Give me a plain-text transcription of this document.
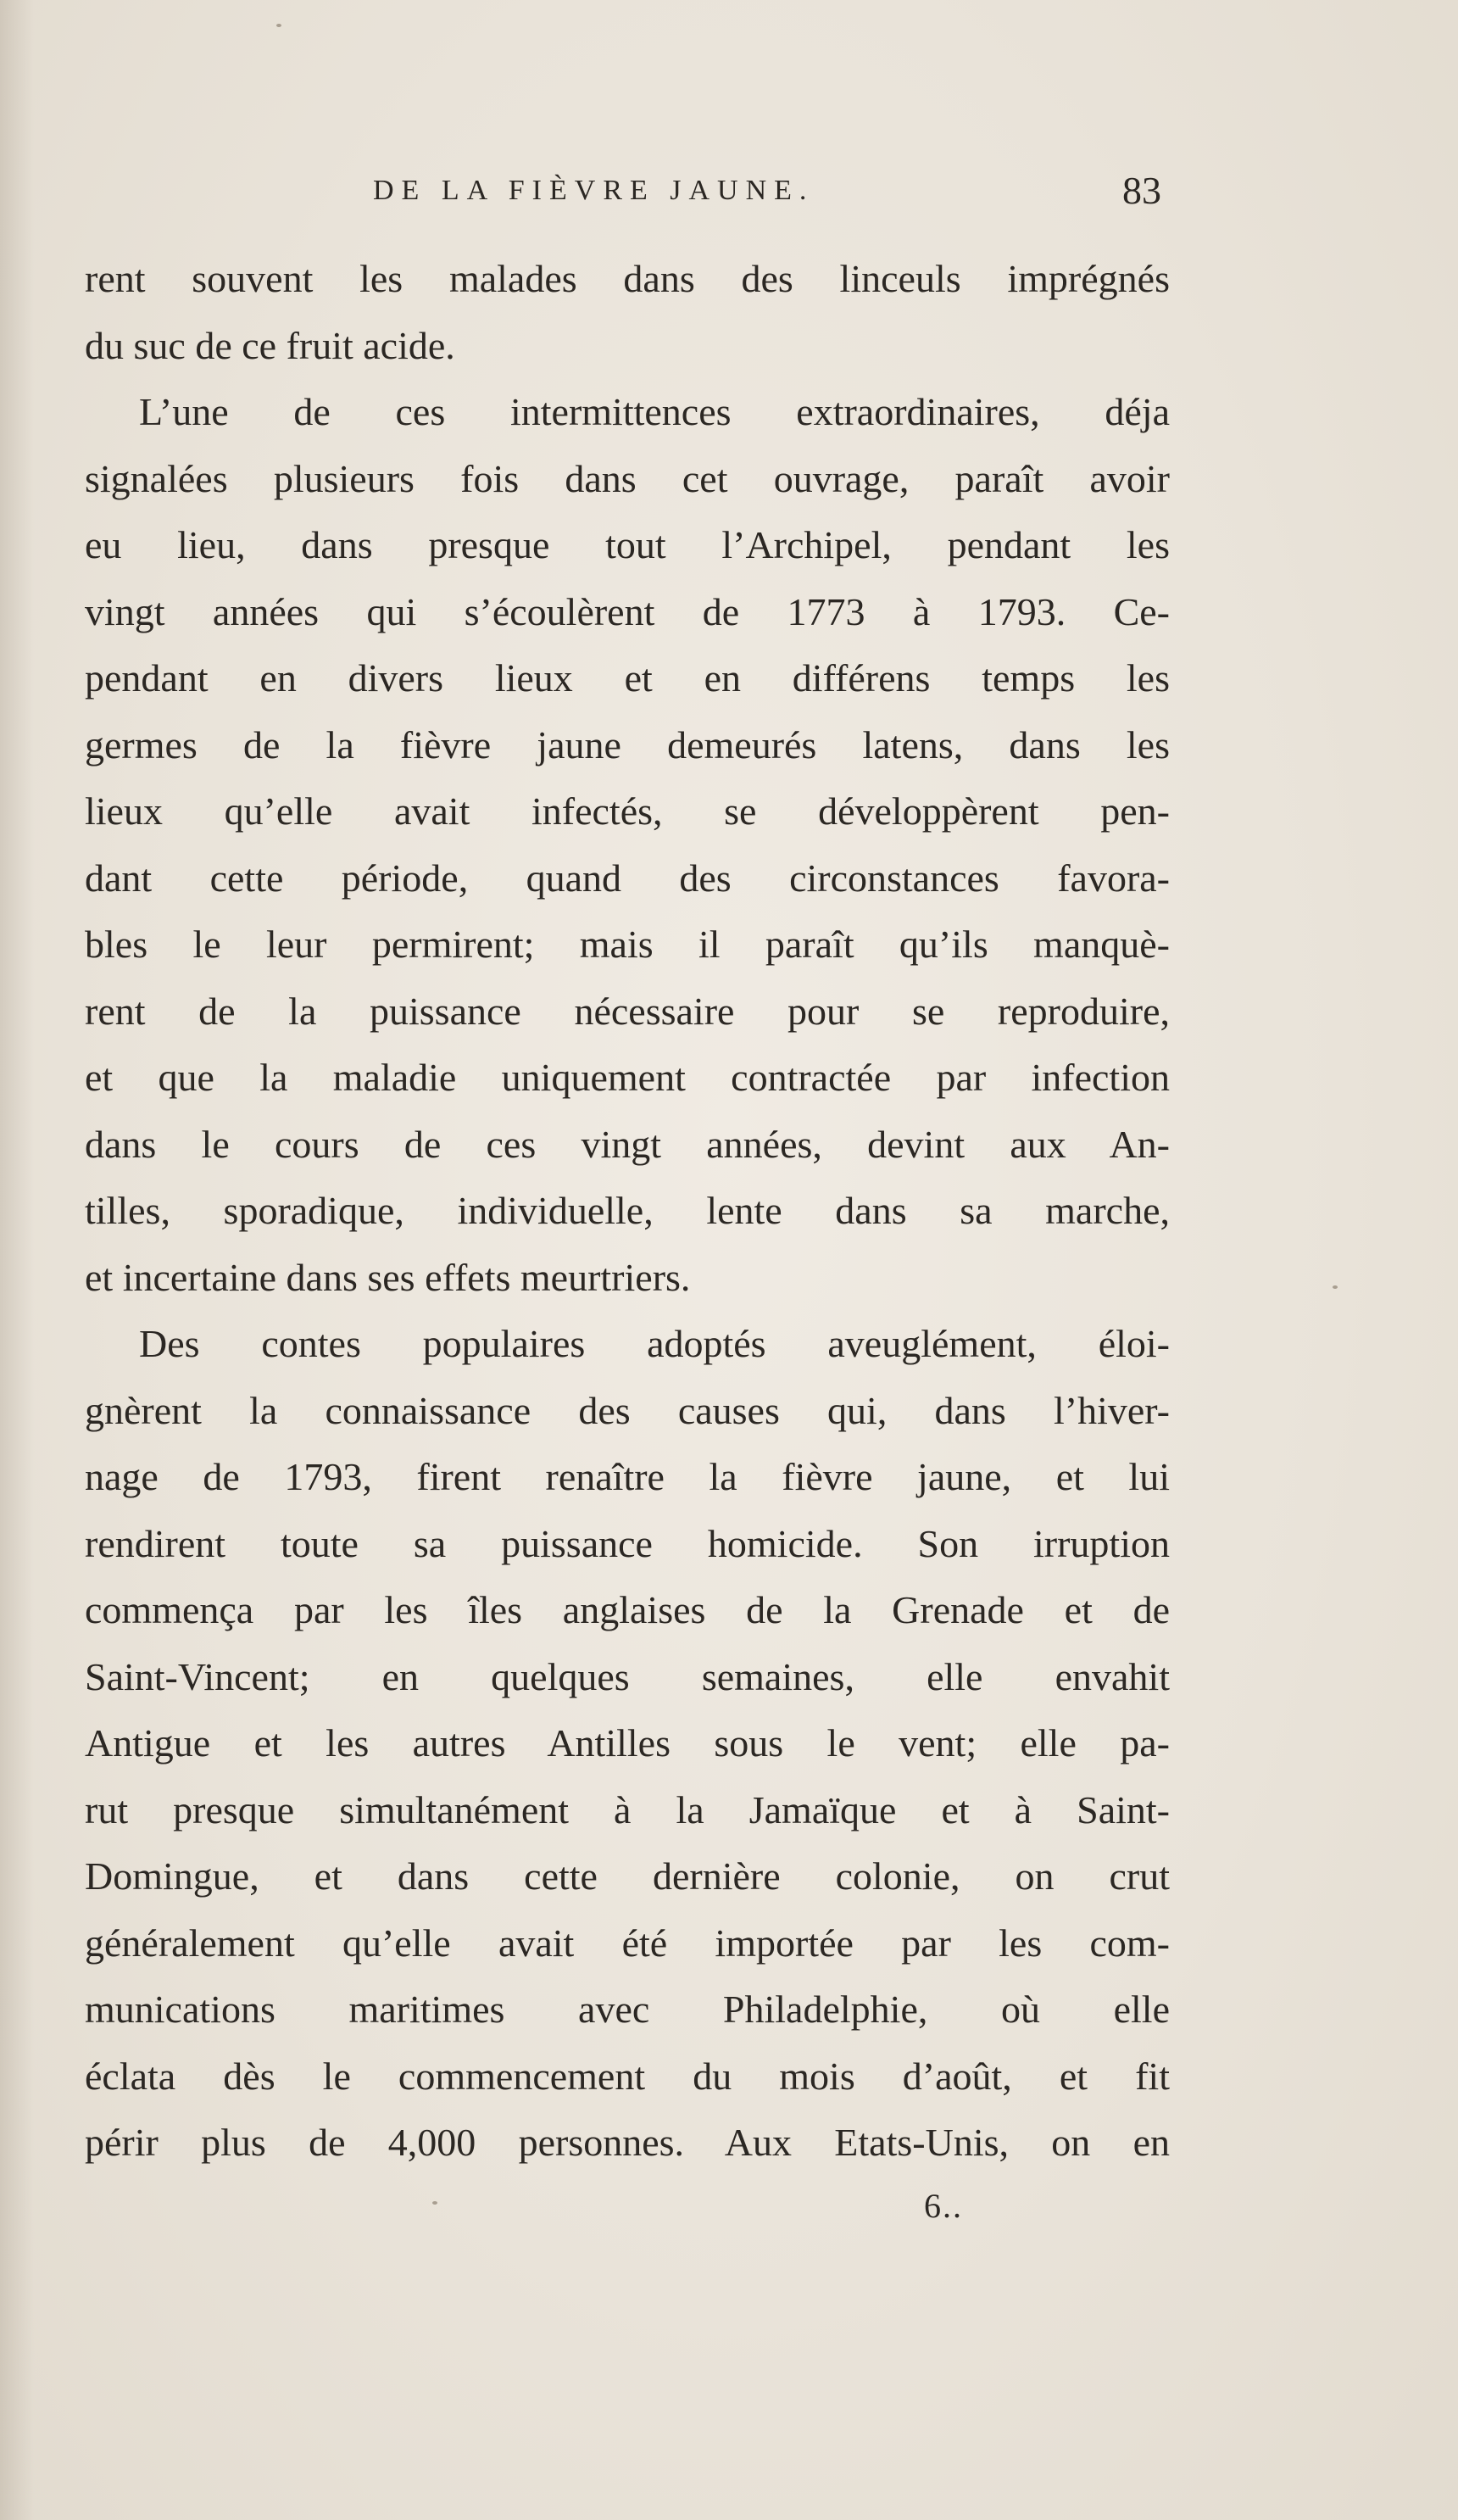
DE LA FIÈVRE JAUNE.	83
rent souvent les malades dans des linceuls imprégnés
du suc de ce fruit acide.
L’une de ces intermittences extraordinaires, déja
signalées plusieurs fois dans cet ouvrage, paraît avoir
eu lieu, dans presque tout l’Archipel, pendant les
vingt années qui s’écoulèrent de 1773 à 1793. Ce-
pendant en divers lieux et en différens temps les
germes de la fièvre jaune demeurés latens, dans les
lieux qu’elle avait infectés, se développèrent pen-
dant cette période, quand des circonstances favora-
bles le leur permirent; mais il paraît qu’ils manquè-
rent de la puissance nécessaire pour se reproduire,
et que la maladie uniquement contractée par infection
dans le cours de ces vingt années, devint aux An-
tilles, sporadique, individuelle, lente dans sa marche,
et incertaine dans ses effets meurtriers.
Des contes populaires adoptés aveuglément, éloi-
gnèrent la connaissance des causes qui, dans l’hiver-
nage de 1793, firent renaître la fièvre jaune, et lui
rendirent toute sa puissance homicide. Son irruption
commença par les îles anglaises de la Grenade et de
Saint-Vincent; en quelques semaines, elle envahit
Antigue et les autres Antilles sous le vent; elle pa-
rut presque simultanément à la Jamaïque et à Saint-
Domingue, et dans cette dernière colonie, on crut
généralement qu’elle avait été importée par les com-
munications maritimes avec Philadelphie, où elle
éclata dès le commencement du mois d’août, et fit
périr plus de 4,000 personnes. Aux Etats-Unis, on en
6..
